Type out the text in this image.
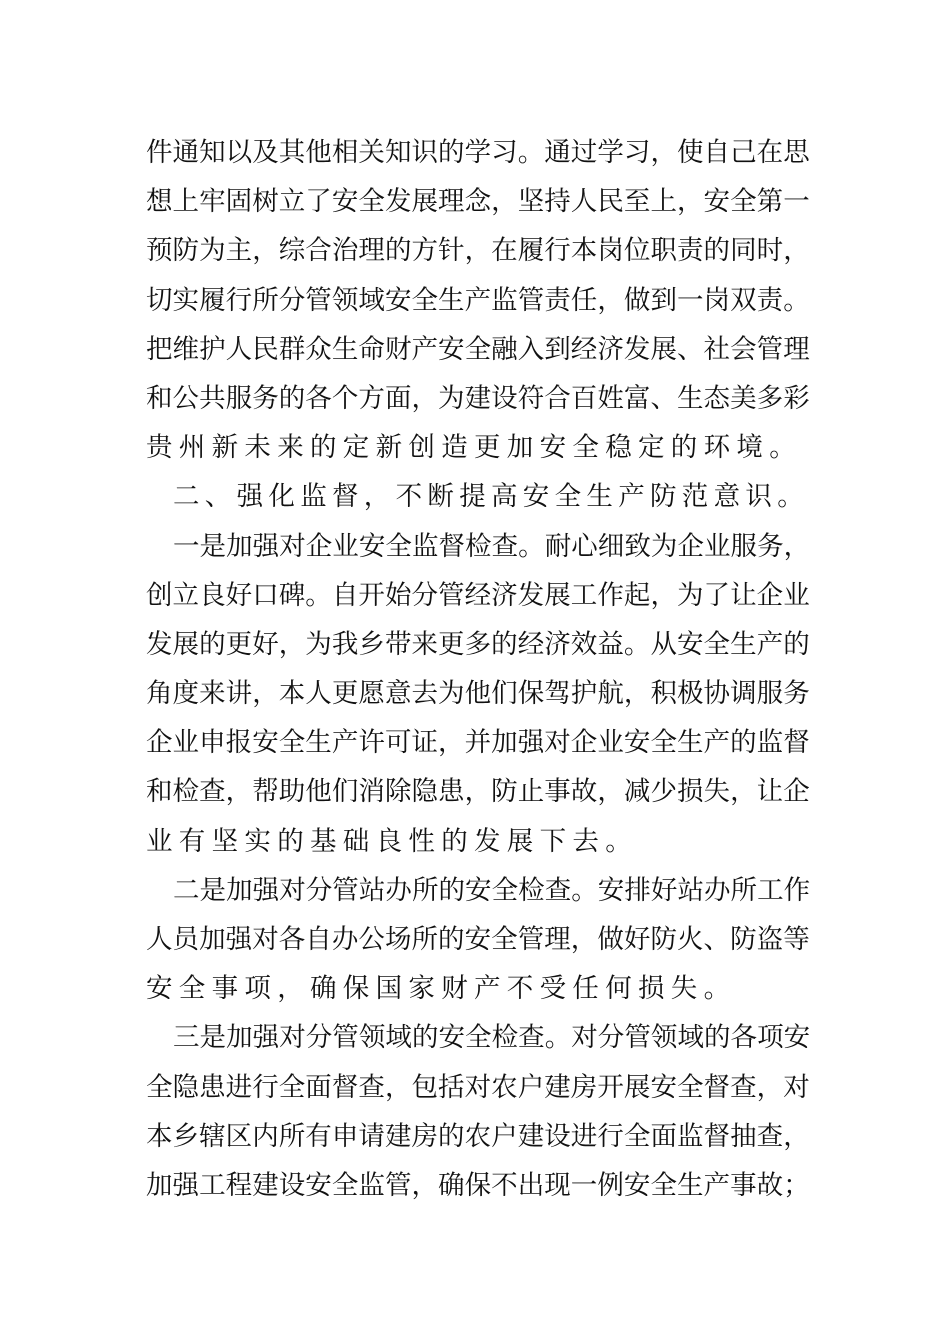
件通知以及其他相关知识的学习。通过学习，使自己在思
想上牢固树立了安全发展理念，坚持人民至上，安全第一
预防为主，综合治理的方针，在履行本岗位职责的同时，
切实履行所分管领域安全生产监管责任，做到一岗双责。
把维护人民群众生命财产安全融入到经济发展、社会管理
和公共服务的各个方面，为建设符合百姓富、生态美多彩
贵州新未来的定新创造更加安全稳定的环境。
二、强化监督，不断提高安全生产防范意识。
一是加强对企业安全监督检查。耐心细致为企业服务，
创立良好口碑。自开始分管经济发展工作起，为了让企业
发展的更好，为我乡带来更多的经济效益。从安全生产的
角度来讲，本人更愿意去为他们保驾护航，积极协调服务
企业申报安全生产许可证，并加强对企业安全生产的监督
和检查，帮助他们消除隐患，防止事故，减少损失，让企
业有坚实的基础良性的发展下去。
二是加强对分管站办所的安全检查。安排好站办所工作
人员加强对各自办公场所的安全管理，做好防火、防盗等
安全事项，确保国家财产不受任何损失。
三是加强对分管领域的安全检查。对分管领域的各项安
全隐患进行全面督查，包括对农户建房开展安全督查，对
本乡辖区内所有申请建房的农户建设进行全面监督抽查，
加强工程建设安全监管，确保不出现一例安全生产事故；
